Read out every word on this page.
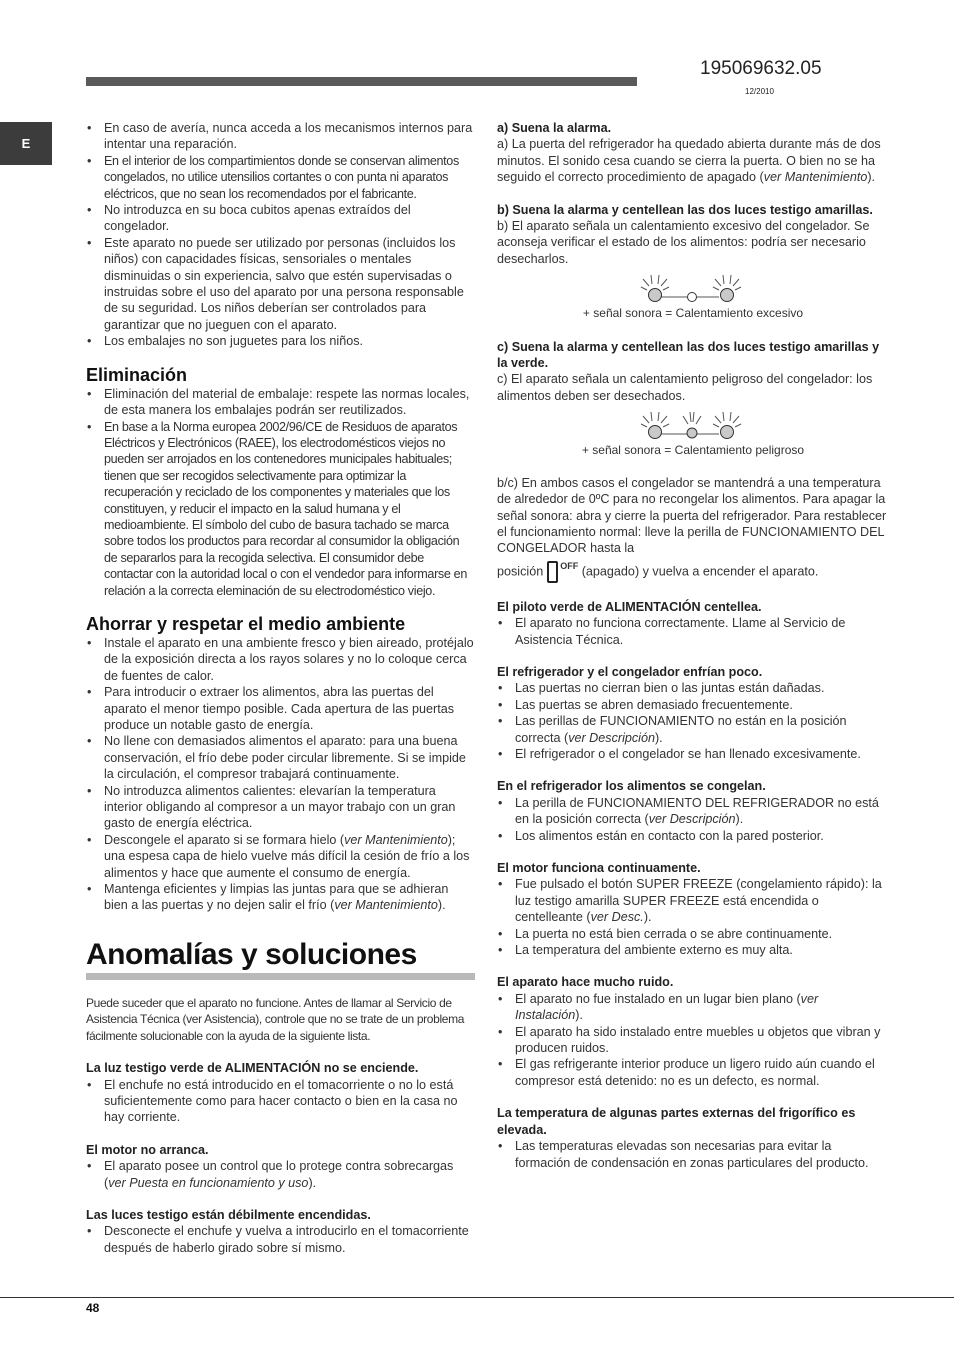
195069632.05
12/2010
E
48
• En caso de avería, nunca acceda a los mecanismos internos para intentar una reparación.
• En el interior de los compartimientos donde se conservan alimentos congelados, no utilice utensilios cortantes o con punta ni aparatos eléctricos, que no sean los recomendados por el fabricante.
• No introduzca en su boca cubitos apenas extraídos del congelador.
• Este aparato no puede ser utilizado por personas (incluidos los niños) con capacidades físicas, sensoriales o mentales disminuidas o sin experiencia, salvo que estén supervisadas o instruidas sobre el uso del aparato por una persona responsable de su seguridad. Los niños deberían ser controlados para garantizar que no jueguen con el aparato.
• Los embalajes no son juguetes para los niños.
Eliminación
• Eliminación del material de embalaje: respete las normas locales, de esta manera los embalajes podrán ser reutilizados.
• En base a la Norma europea 2002/96/CE de Residuos de aparatos Eléctricos y Electrónicos (RAEE), los electrodomésticos viejos no pueden ser arrojados en los contenedores municipales habituales; tienen que ser recogidos selectivamente para optimizar la recuperación y reciclado de los componentes y materiales que los constituyen, y reducir el impacto en la salud humana y el medioambiente. El símbolo del cubo de basura tachado se marca sobre todos los productos para recordar al consumidor la obligación de separarlos para la recogida selectiva. El consumidor debe contactar con la autoridad local o con el vendedor para informarse en relación a la correcta eleminación de su electrodoméstico viejo.
Ahorrar y respetar el medio ambiente
• Instale el aparato en una ambiente fresco y bien aireado, protéjalo de la exposición directa a los rayos solares y no lo coloque cerca de fuentes de calor.
• Para introducir o extraer los alimentos, abra las puertas del aparato el menor tiempo posible. Cada apertura de las puertas produce un notable gasto de energía.
• No llene con demasiados alimentos el aparato: para una buena conservación, el frío debe poder circular libremente. Si se impide la circulación, el compresor trabajará continuamente.
• No introduzca alimentos calientes: elevarían la temperatura interior obligando al compresor a un mayor trabajo con un gran gasto de energía eléctrica.
• Descongele el aparato si se formara hielo (ver Mantenimiento); una espesa capa de hielo vuelve más difícil la cesión de frío a los alimentos y hace que aumente el consumo de energía.
• Mantenga eficientes y limpias las juntas para que se adhieran bien a las puertas y no dejen salir el frío (ver Mantenimiento).
Anomalías y soluciones

Puede suceder que el aparato no funcione. Antes de llamar al Servicio de Asistencia Técnica (ver Asistencia), controle que no se trate de un problema fácilmente solucionable con la ayuda de la siguiente lista.

La luz testigo verde de ALIMENTACIÓN no se enciende.

• El enchufe no está introducido en el tomacorriente o no lo está suficientemente como para hacer contacto o bien en la casa no hay corriente.

El motor no arranca.

• El aparato posee un control que lo protege contra sobrecargas (ver Puesta en funcionamiento y uso).

Las luces testigo están débilmente encendidas.

• Desconecte el enchufe y vuelva a introducirlo en el tomacorriente después de haberlo girado sobre sí mismo.

a) Suena la alarma.

a) La puerta del refrigerador ha quedado abierta durante más de dos minutos. El sonido cesa cuando se cierra la puerta. O bien no se ha seguido el correcto procedimiento de apagado (ver Mantenimiento).

b) Suena la alarma y centellean las dos luces testigo amarillas.

b) El aparato señala un calentamiento excesivo del congelador. Se aconseja verificar el estado de los alimentos: podría ser necesario desecharlos.

+ señal sonora = Calentamiento excesivo

c) Suena la alarma y centellean las dos luces testigo amarillas y la verde.

c) El aparato señala un calentamiento peligroso del congelador: los alimentos deben ser desechados.

+ señal sonora = Calentamiento peligroso

b/c) En ambos casos el congelador se mantendrá a una temperatura de alrededor de 0ºC para no recongelar los alimentos. Para apagar la señal sonora: abra y cierre la puerta del refrigerador. Para restablecer el funcionamiento normal: lleve la perilla de FUNCIONAMIENTO DEL CONGELADOR hasta la

posición $^{OFF}$ (apagado) y vuelva a encender el aparato.

El piloto verde de ALIMENTACIÓN centellea.

• El aparato no funciona correctamente. Llame al Servicio de Asistencia Técnica.

El refrigerador y el congelador enfrían poco.

• Las puertas no cierran bien o las juntas están dañadas.
• Las puertas se abren demasiado frecuentemente.
• Las perillas de FUNCIONAMIENTO no están en la posición correcta (ver Descripción).
• El refrigerador o el congelador se han llenado excesivamente.

En el refrigerador los alimentos se congelan.

• La perilla de FUNCIONAMIENTO DEL REFRIGERADOR no está en la posición correcta (ver Descripción).
• Los alimentos están en contacto con la pared posterior.

El motor funciona continuamente.

• Fue pulsado el botón SUPER FREEZE (congelamiento rápido): la luz testigo amarilla SUPER FREEZE está encendida o centelleante (ver Desc.).
• La puerta no está bien cerrada o se abre continuamente.
• La temperatura del ambiente externo es muy alta.

El aparato hace mucho ruido.

• El aparato no fue instalado en un lugar bien plano (ver Instalación).
• El aparato ha sido instalado entre muebles u objetos que vibran y producen ruidos.
• El gas refrigerante interior produce un ligero ruido aún cuando el compresor está detenido: no es un defecto, es normal.

La temperatura de algunas partes externas del frigorífico es elevada.

• Las temperaturas elevadas son necesarias para evitar la formación de condensación en zonas particulares del producto.
